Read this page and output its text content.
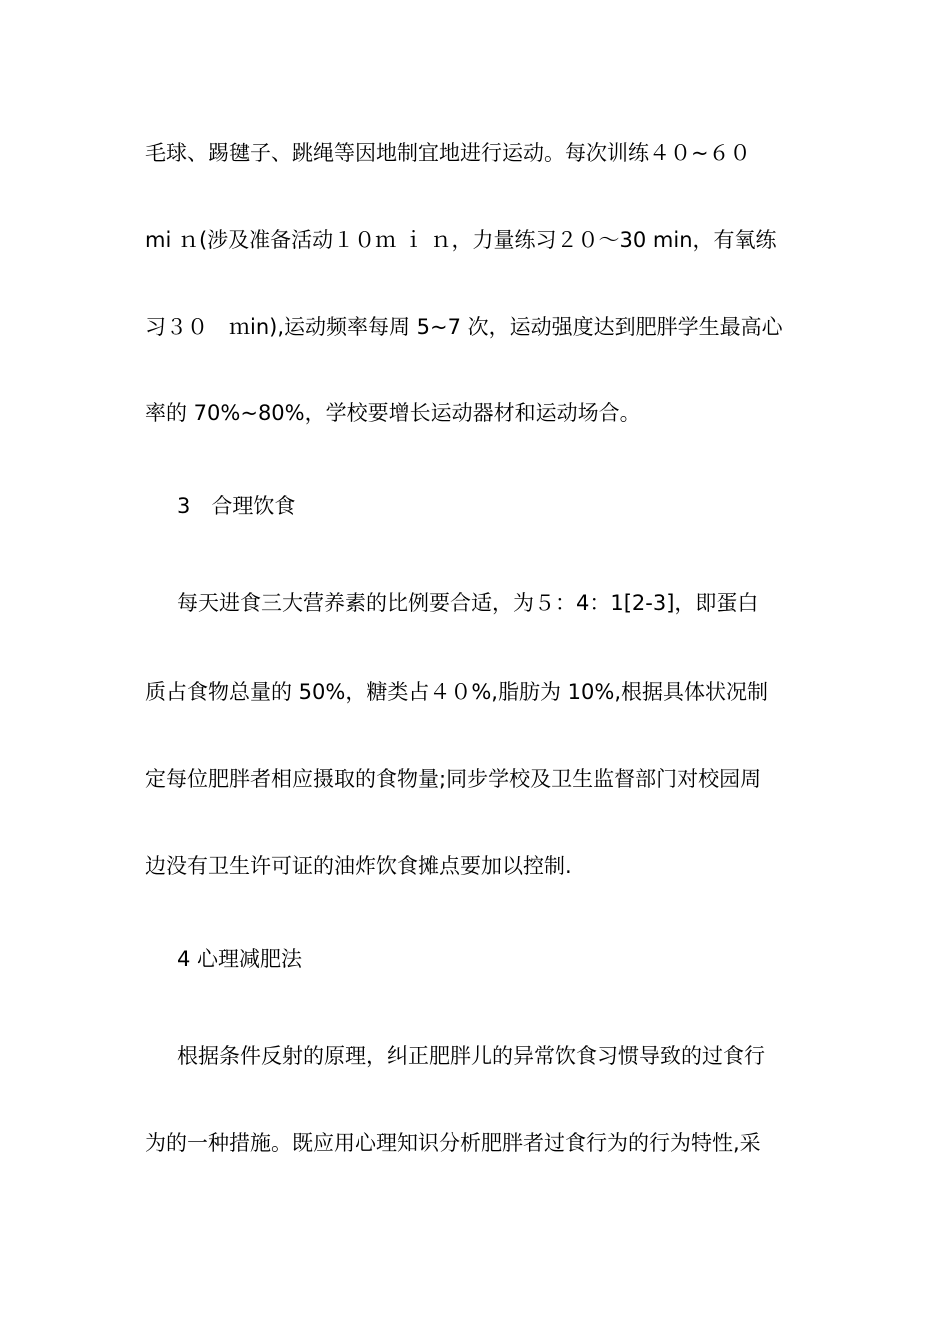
毛球、踢毽子、跳绳等因地制宜地进行运动。每次训练４０~６０
mi ｎ(涉及准备活动１０ｍ ｉ ｎ，力量练习２０～30 min，有氧练
习３０　ｍin),运动频率每周 5~7 次，运动强度达到肥胖学生最高心
率的 70%~80%，学校要增长运动器材和运动场合。
3　合理饮食
每天进食三大营养素的比例要合适，为５：4：1[2-3]，即蛋白
质占食物总量的 50%，糖类占４０%,脂肪为 10%,根据具体状况制
定每位肥胖者相应摄取的食物量;同步学校及卫生监督部门对校园周
边没有卫生许可证的油炸饮食摊点要加以控制.
4 心理减肥法
根据条件反射的原理，纠正肥胖儿的异常饮食习惯导致的过食行
为的一种措施。既应用心理知识分析肥胖者过食行为的行为特性,采
